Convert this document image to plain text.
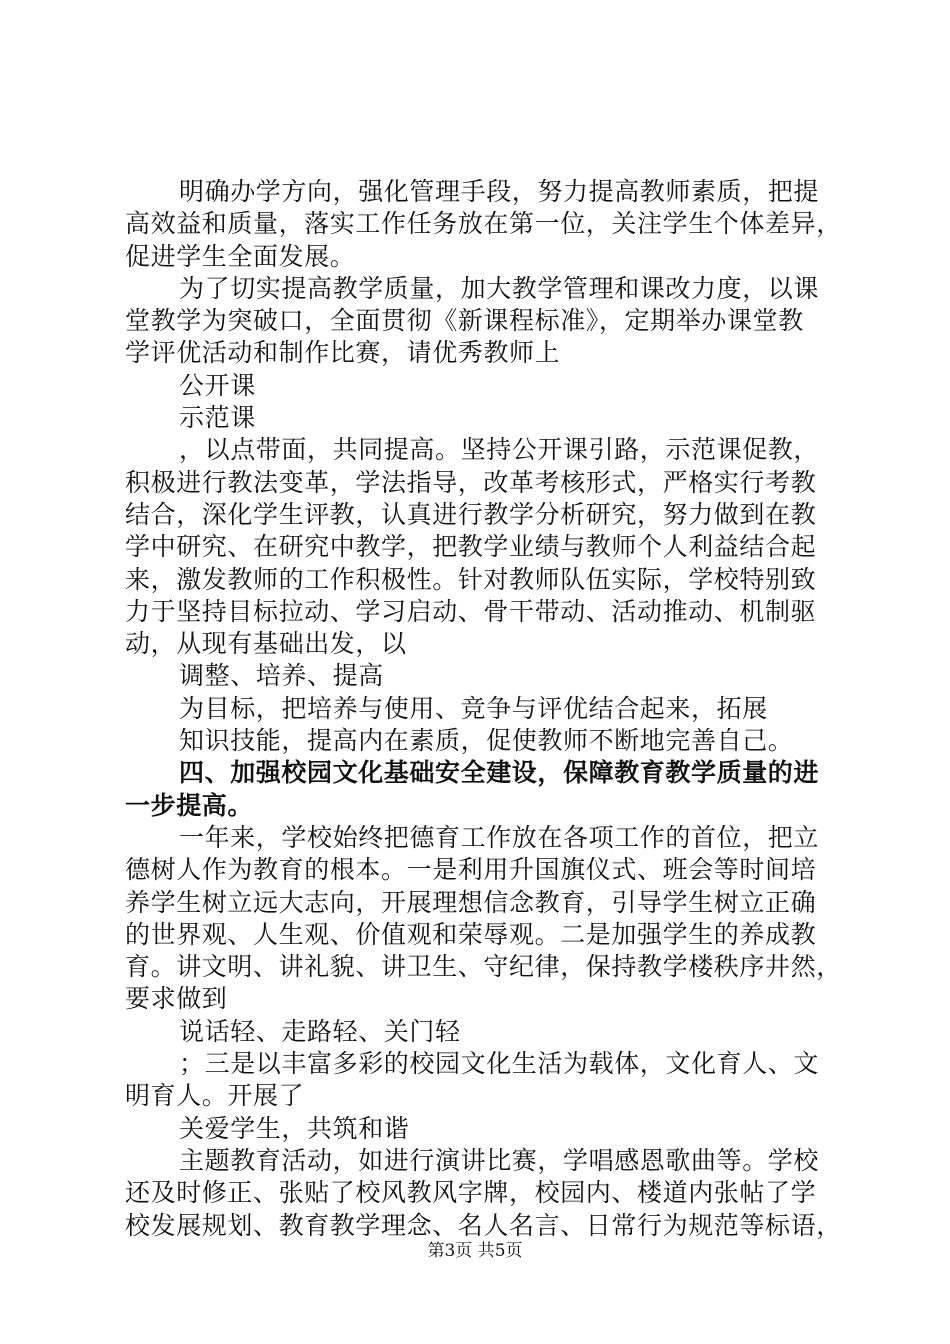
明确办学方向，强化管理手段，努力提高教师素质，把提
高效益和质量，落实工作任务放在第一位，关注学生个体差异，
促进学生全面发展。
为了切实提高教学质量，加大教学管理和课改力度，以课
堂教学为突破口，全面贯彻《新课程标准》，定期举办课堂教
学评优活动和制作比赛，请优秀教师上
公开课
示范课
，以点带面，共同提高。坚持公开课引路，示范课促教，
积极进行教法变革，学法指导，改革考核形式，严格实行考教
结合，深化学生评教，认真进行教学分析研究，努力做到在教
学中研究、在研究中教学，把教学业绩与教师个人利益结合起
来，激发教师的工作积极性。针对教师队伍实际，学校特别致
力于坚持目标拉动、学习启动、骨干带动、活动推动、机制驱
动，从现有基础出发，以
调整、培养、提高
为目标，把培养与使用、竞争与评优结合起来，拓展
知识技能，提高内在素质，促使教师不断地完善自己。
四、加强校园文化基础安全建设，保障教育教学质量的进
一步提高。
一年来，学校始终把德育工作放在各项工作的首位，把立
德树人作为教育的根本。一是利用升国旗仪式、班会等时间培
养学生树立远大志向，开展理想信念教育，引导学生树立正确
的世界观、人生观、价值观和荣辱观。二是加强学生的养成教
育。讲文明、讲礼貌、讲卫生、守纪律，保持教学楼秩序井然，
要求做到
说话轻、走路轻、关门轻
；三是以丰富多彩的校园文化生活为载体，文化育人、文
明育人。开展了
关爱学生，共筑和谐
主题教育活动，如进行演讲比赛，学唱感恩歌曲等。学校
还及时修正、张贴了校风教风字牌，校园内、楼道内张帖了学
校发展规划、教育教学理念、名人名言、日常行为规范等标语，
第3页 共5页
